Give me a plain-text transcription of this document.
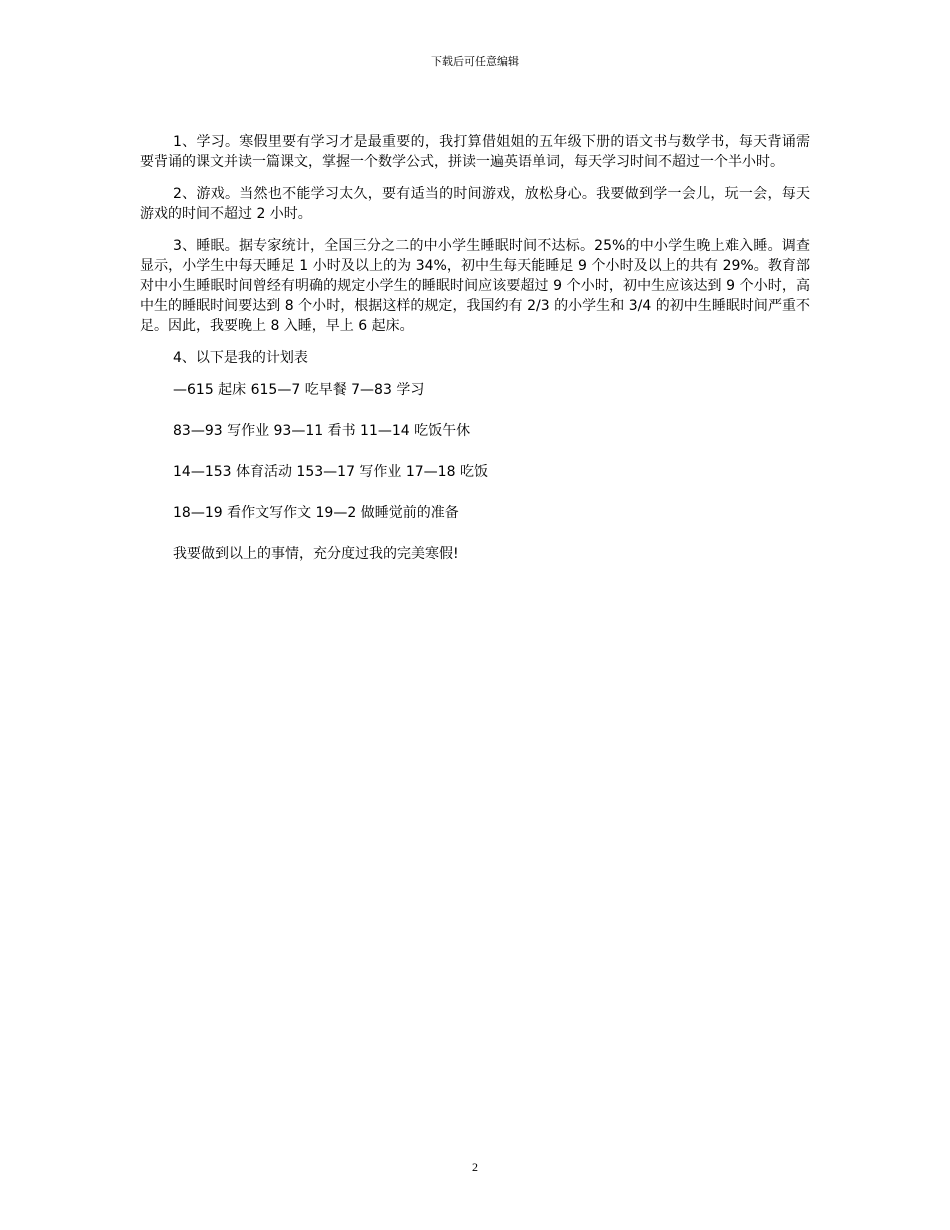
下载后可任意编辑

1、学习。寒假里要有学习才是最重要的，我打算借姐姐的五年级下册的语文书与数学书，每天背诵需要背诵的课文并读一篇课文，掌握一个数学公式，拼读一遍英语单词，每天学习时间不超过一个半小时。

2、游戏。当然也不能学习太久，要有适当的时间游戏，放松身心。我要做到学一会儿，玩一会，每天游戏的时间不超过 2 小时。

3、睡眠。据专家统计，全国三分之二的中小学生睡眠时间不达标。25%的中小学生晚上难入睡。调查显示，小学生中每天睡足 1 小时及以上的为 34%，初中生每天能睡足 9 个小时及以上的共有 29%。教育部对中小生睡眠时间曾经有明确的规定小学生的睡眠时间应该要超过 9 个小时，初中生应该达到 9 个小时，高中生的睡眠时间要达到 8 个小时，根据这样的规定，我国约有 2/3 的小学生和 3/4 的初中生睡眠时间严重不足。因此，我要晚上 8 入睡，早上 6 起床。

4、以下是我的计划表

—615 起床 615—7 吃早餐 7—83 学习

83—93 写作业 93—11 看书 11—14 吃饭午休

14—153 体育活动 153—17 写作业 17—18 吃饭

18—19 看作文写作文 19—2 做睡觉前的准备

我要做到以上的事情，充分度过我的完美寒假!

2
